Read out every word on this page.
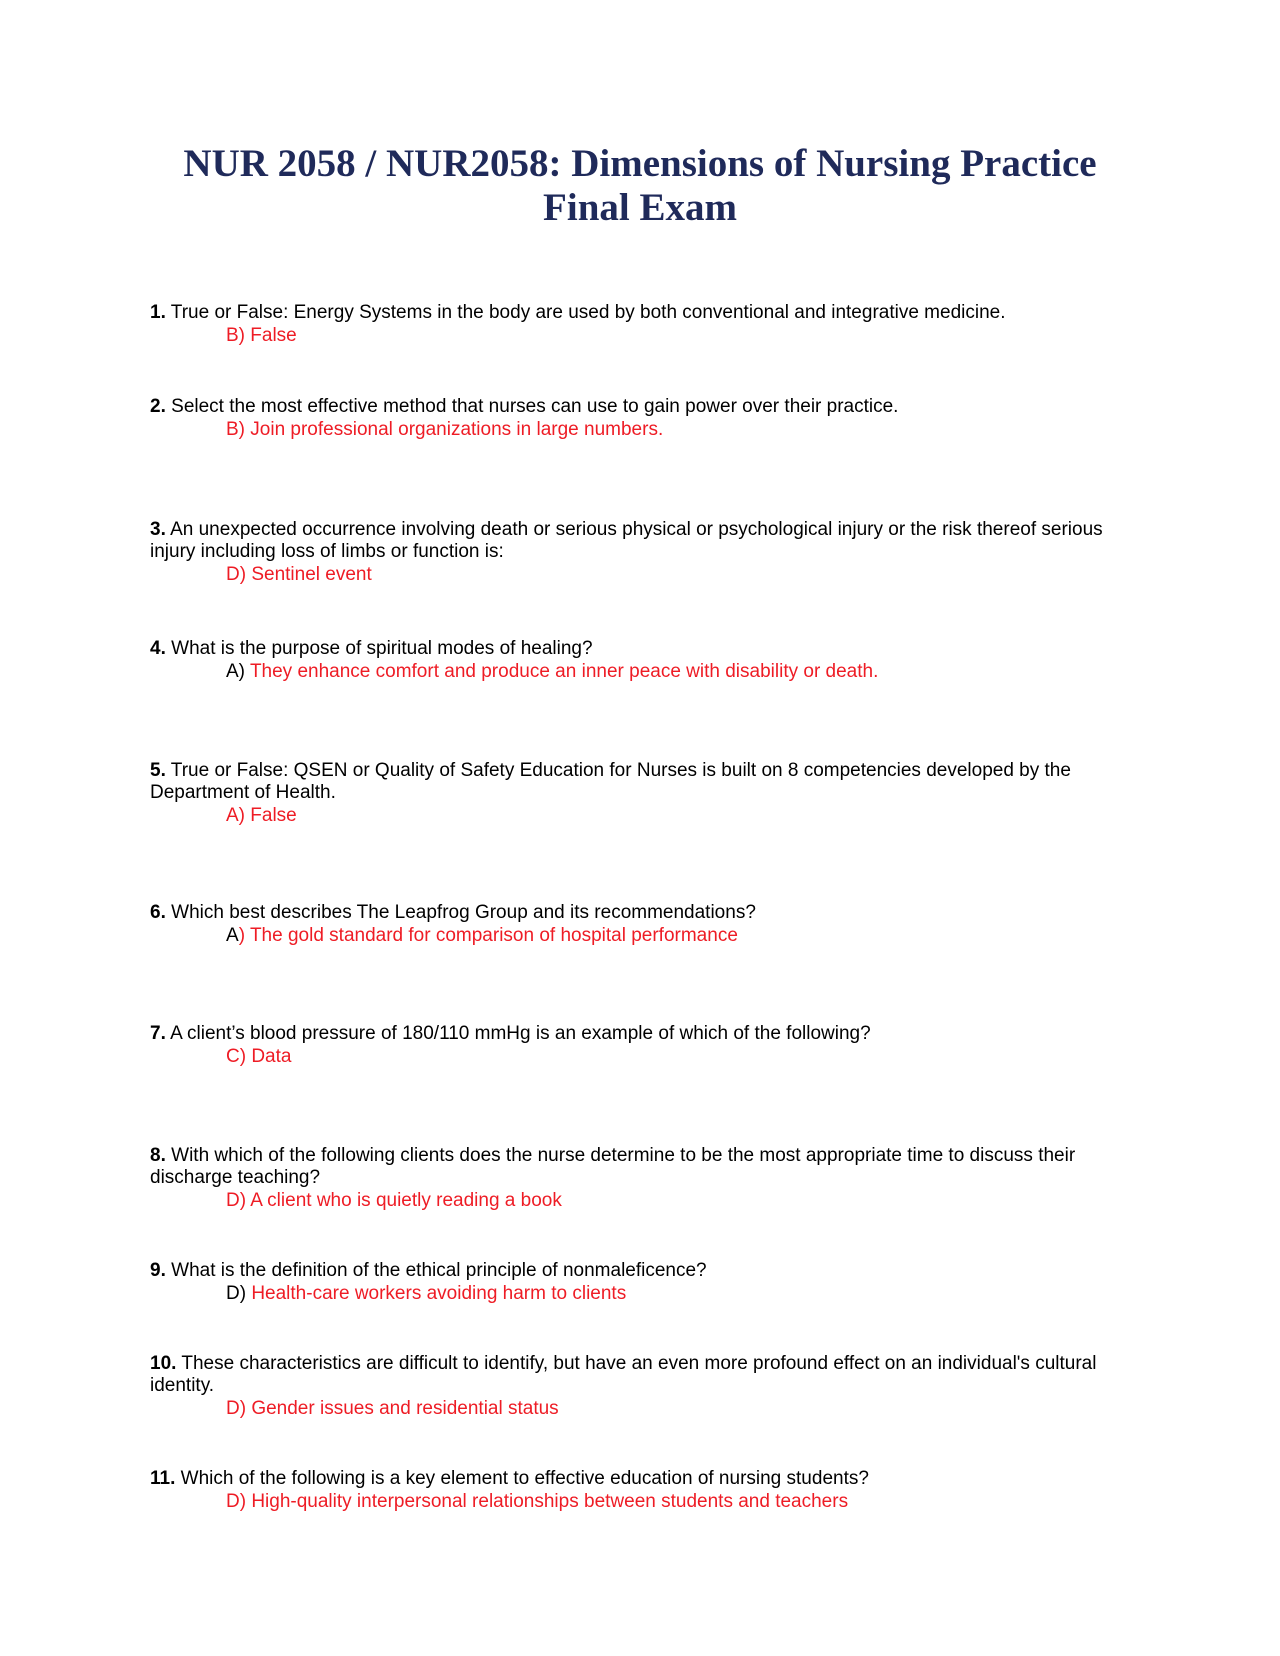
NUR 2058 / NUR2058: Dimensions of Nursing Practice
Final Exam
1. True or False: Energy Systems in the body are used by both conventional and integrative medicine.
B) False
2. Select the most effective method that nurses can use to gain power over their practice.
B) Join professional organizations in large numbers.
3. An unexpected occurrence involving death or serious physical or psychological injury or the risk thereof serious injury including loss of limbs or function is:
D) Sentinel event
4. What is the purpose of spiritual modes of healing?
A) They enhance comfort and produce an inner peace with disability or death.
5. True or False: QSEN or Quality of Safety Education for Nurses is built on 8 competencies developed by the Department of Health.
A) False
6. Which best describes The Leapfrog Group and its recommendations?
A) The gold standard for comparison of hospital performance
7. A client’s blood pressure of 180/110 mmHg is an example of which of the following?
C) Data
8. With which of the following clients does the nurse determine to be the most appropriate time to discuss their discharge teaching?
D) A client who is quietly reading a book
9. What is the definition of the ethical principle of nonmaleficence?
D) Health-care workers avoiding harm to clients
10. These characteristics are difficult to identify, but have an even more profound effect on an individual's cultural identity.
D) Gender issues and residential status
11. Which of the following is a key element to effective education of nursing students?
D) High-quality interpersonal relationships between students and teachers
